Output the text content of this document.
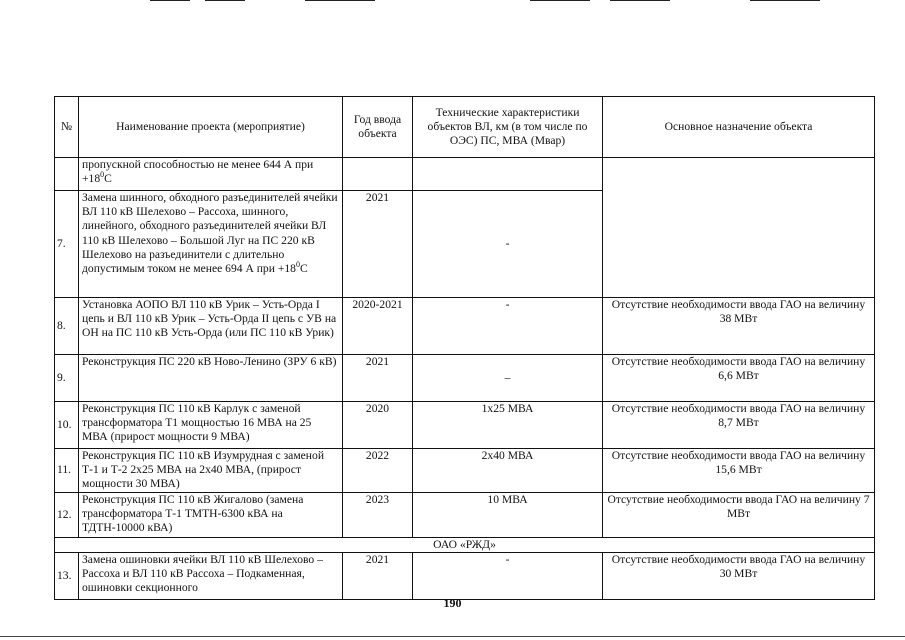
№	Наименование проекта (мероприятие)	Год ввода объекта	Технические характеристики объектов ВЛ, км (в том числе по ОЭС) ПС, МВА (Мвар)	Основное назначение объекта
	пропускной способностью не менее 644 А при $+18^0С$			
7.	Замена шинного, обходного разъединителей ячейки ВЛ 110 кВ Шелехово – Рассоха, шинного, линейного, обходного разъединителей ячейки ВЛ 110 кВ Шелехово – Большой Луг на ПС 220 кВ Шелехово на разъединители с длительно допустимым током не менее 694 А при $+18^0С$	2021	-	
8.	Установка АОПО ВЛ 110 кВ Урик – Усть-Орда I цепь и ВЛ 110 кВ Урик – Усть-Орда II цепь с УВ на ОН на ПС 110 кВ Усть-Орда (или ПС 110 кВ Урик)	2020-2021	-	Отсутствие необходимости ввода ГАО на величину 38 МВт
9.	Реконструкция ПС 220 кВ Ново-Ленино (ЗРУ 6 кВ)	2021	–	Отсутствие необходимости ввода ГАО на величину 6,6 МВт
10.	Реконструкция ПС 110 кВ Карлук с заменой трансформатора Т1 мощностью 16 МВА на 25 МВА (прирост мощности 9 МВА)	2020	1х25 МВА	Отсутствие необходимости ввода ГАО на величину 8,7 МВт
11.	Реконструкция ПС 110 кВ Изумрудная с заменой Т-1 и Т-2 2х25 МВА на 2х40 МВА, (прирост мощности 30 МВА)	2022	2х40 МВА	Отсутствие необходимости ввода ГАО на величину 15,6 МВт
12.	Реконструкция ПС 110 кВ Жигалово (замена трансформатора Т-1 ТМТН-6300 кВА на ТДТН-10000 кВА)	2023	10 МВА	Отсутствие необходимости ввода ГАО на величину 7 МВт
ОАО «РЖД»				
13.	Замена ошиновки ячейки ВЛ 110 кВ Шелехово – Рассоха и ВЛ 110 кВ Рассоха – Подкаменная, ошиновки секционного	2021	-	Отсутствие необходимости ввода ГАО на величину 30 МВт
190
